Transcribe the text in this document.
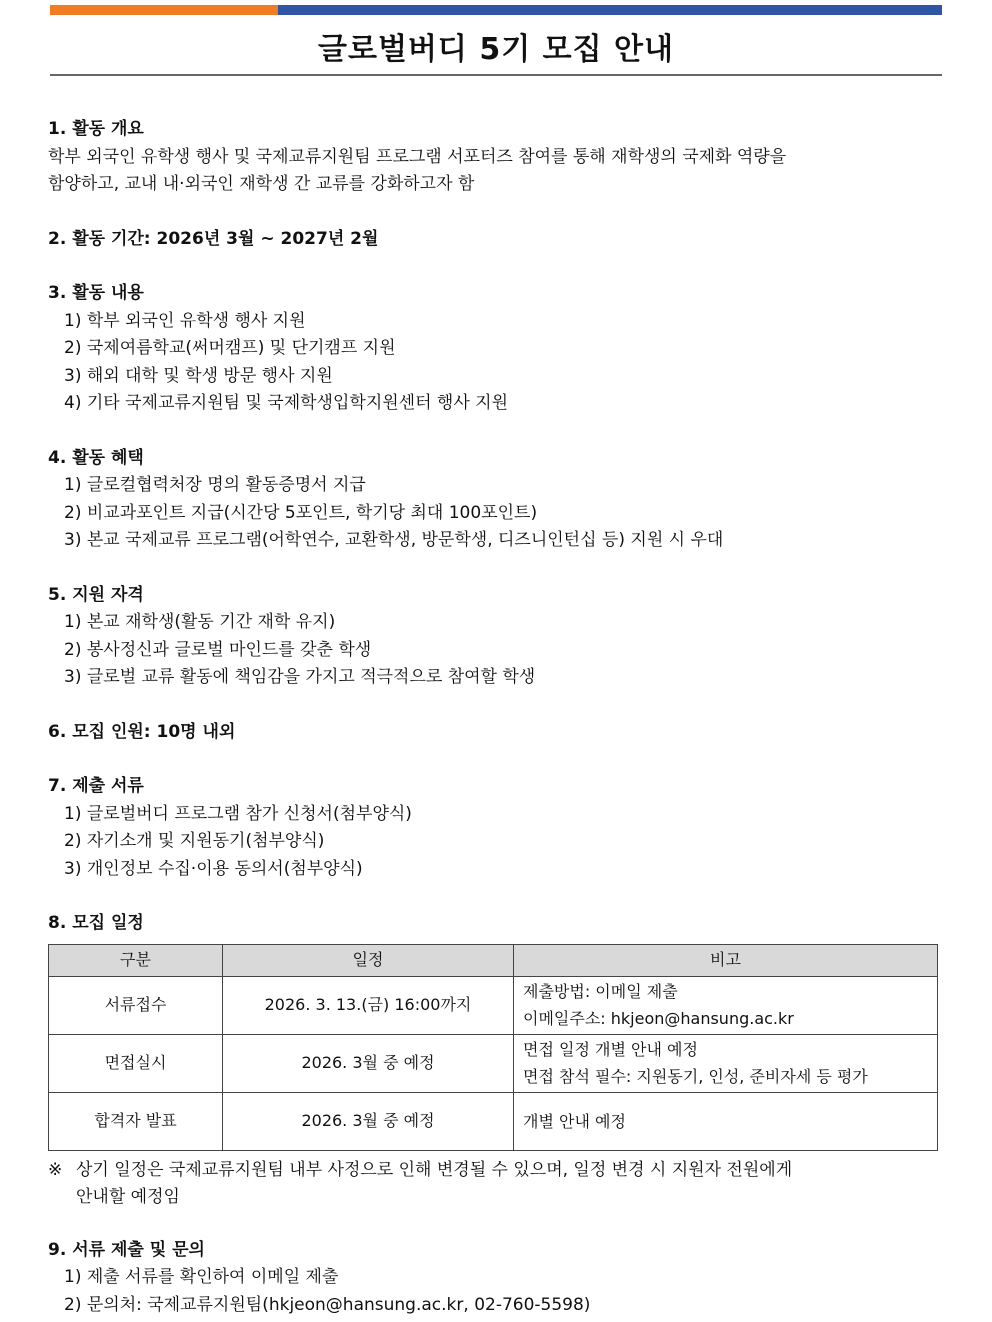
글로벌버디 5기 모집 안내

1. 활동 개요

학부 외국인 유학생 행사 및 국제교류지원팀 프로그램 서포터즈 참여를 통해 재학생의 국제화 역량을

함양하고, 교내 내·외국인 재학생 간 교류를 강화하고자 함

2. 활동 기간: 2026년 3월 ~ 2027년 2월

3. 활동 내용

1) 학부 외국인 유학생 행사 지원

2) 국제여름학교(써머캠프) 및 단기캠프 지원

3) 해외 대학 및 학생 방문 행사 지원

4) 기타 국제교류지원팀 및 국제학생입학지원센터 행사 지원

4. 활동 혜택

1) 글로컬협력처장 명의 활동증명서 지급

2) 비교과포인트 지급(시간당 5포인트, 학기당 최대 100포인트)

3) 본교 국제교류 프로그램(어학연수, 교환학생, 방문학생, 디즈니인턴십 등) 지원 시 우대

5. 지원 자격

1) 본교 재학생(활동 기간 재학 유지)

2) 봉사정신과 글로벌 마인드를 갖춘 학생

3) 글로벌 교류 활동에 책임감을 가지고 적극적으로 참여할 학생

6. 모집 인원: 10명 내외

7. 제출 서류

1) 글로벌버디 프로그램 참가 신청서(첨부양식)

2) 자기소개 및 지원동기(첨부양식)

3) 개인정보 수집·이용 동의서(첨부양식)

8. 모집 일정

구분	일정	비고
서류접수	2026. 3. 13.(금) 16:00까지	제출방법: 이메일 제출
이메일주소: hkjeon@hansung.ac.kr

면접실시	2026. 3월 중 예정	면접 일정 개별 안내 예정
면접 참석 필수: 지원동기, 인성, 준비자세 등 평가

합격자 발표	2026. 3월 중 예정	개별 안내 예정
※ 상기 일정은 국제교류지원팀 내부 사정으로 인해 변경될 수 있으며, 일정 변경 시 지원자 전원에게
안내할 예정임

9. 서류 제출 및 문의

1) 제출 서류를 확인하여 이메일 제출

2) 문의처: 국제교류지원팀(hkjeon@hansung.ac.kr, 02-760-5598)
